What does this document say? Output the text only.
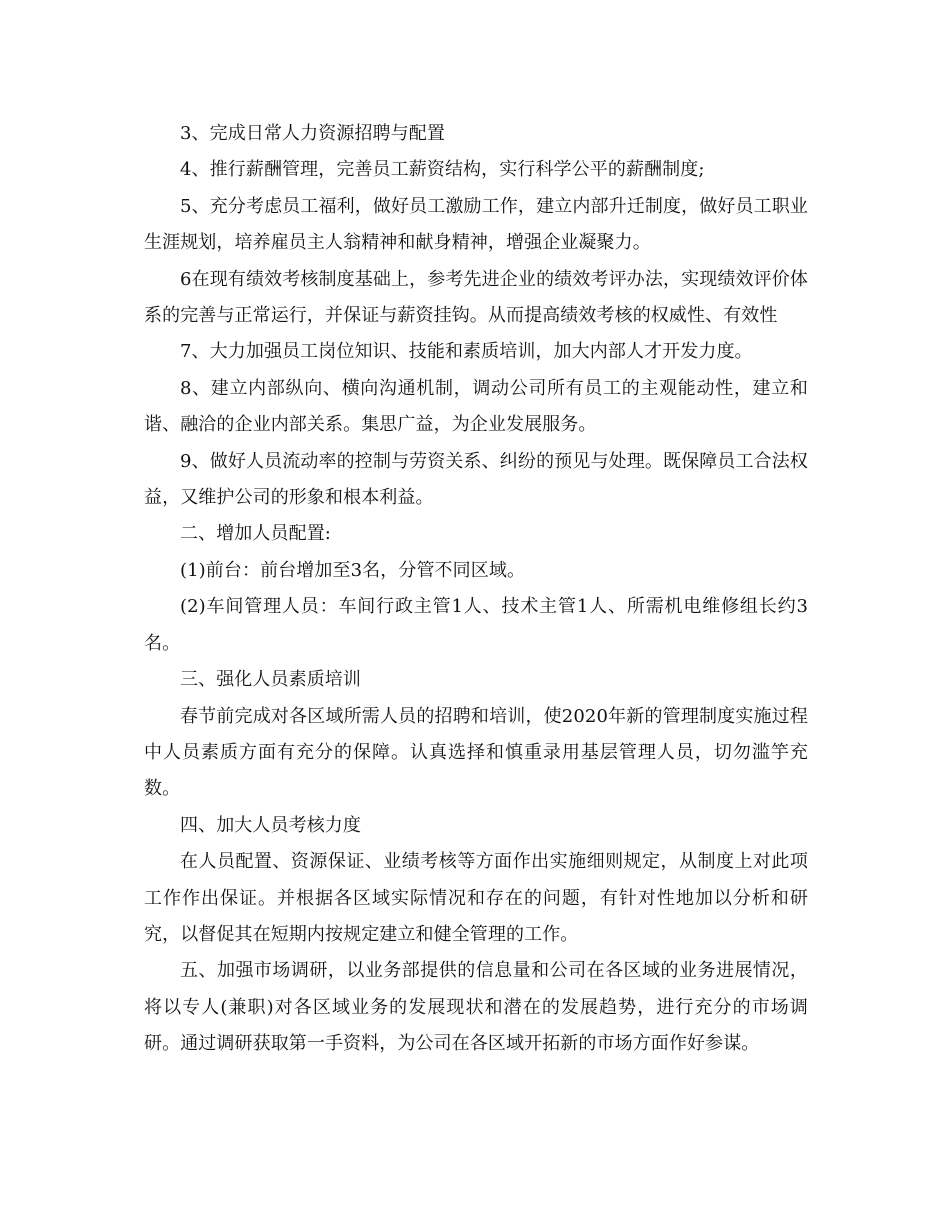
3、完成日常人力资源招聘与配置

4、推行薪酬管理，完善员工薪资结构，实行科学公平的薪酬制度;

5、充分考虑员工福利，做好员工激励工作，建立内部升迁制度，做好员工职业生涯规划，培养雇员主人翁精神和献身精神，增强企业凝聚力。

6在现有绩效考核制度基础上，参考先进企业的绩效考评办法，实现绩效评价体系的完善与正常运行，并保证与薪资挂钩。从而提高绩效考核的权威性、有效性

7、大力加强员工岗位知识、技能和素质培训，加大内部人才开发力度。

8、建立内部纵向、横向沟通机制，调动公司所有员工的主观能动性，建立和谐、融洽的企业内部关系。集思广益，为企业发展服务。

9、做好人员流动率的控制与劳资关系、纠纷的预见与处理。既保障员工合法权益，又维护公司的形象和根本利益。

二、增加人员配置:

(1)前台：前台增加至3名，分管不同区域。

(2)车间管理人员：车间行政主管1人、技术主管1人、所需机电维修组长约3名。

三、强化人员素质培训

春节前完成对各区域所需人员的招聘和培训，使2020年新的管理制度实施过程中人员素质方面有充分的保障。认真选择和慎重录用基层管理人员，切勿滥竽充数。

四、加大人员考核力度

在人员配置、资源保证、业绩考核等方面作出实施细则规定，从制度上对此项工作作出保证。并根据各区域实际情况和存在的问题，有针对性地加以分析和研究，以督促其在短期内按规定建立和健全管理的工作。

五、加强市场调研，以业务部提供的信息量和公司在各区域的业务进展情况，将以专人(兼职)对各区域业务的发展现状和潜在的发展趋势，进行充分的市场调研。通过调研获取第一手资料，为公司在各区域开拓新的市场方面作好参谋。
